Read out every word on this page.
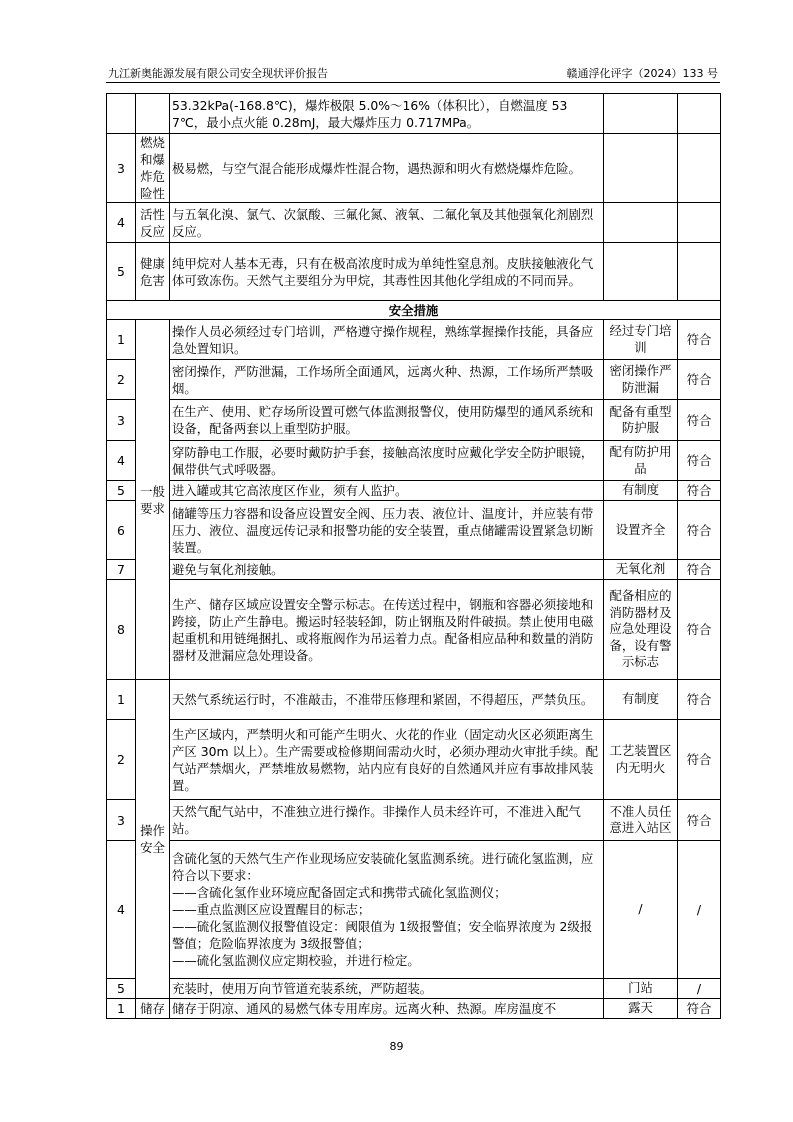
九江新奥能源发展有限公司安全现状评价报告	赣通浮化评字（2024）133 号
		53.32kPa(-168.8℃)，爆炸极限 5.0%～16%（体积比），自燃温度 537℃，最小点火能 0.28mJ，最大爆炸压力 0.717MPa。		
3	燃烧和爆炸危险性	极易燃，与空气混合能形成爆炸性混合物，遇热源和明火有燃烧爆炸危险。		
4	活性反应	与五氧化溴、氯气、次氯酸、三氟化氮、液氧、二氟化氧及其他强氧化剂剧烈反应。		
5	健康危害	纯甲烷对人基本无毒，只有在极高浓度时成为单纯性窒息剂。皮肤接触液化气体可致冻伤。天然气主要组分为甲烷，其毒性因其他化学组成的不同而异。		
安全措施				
1	一般要求	操作人员必须经过专门培训，严格遵守操作规程，熟练掌握操作技能，具备应急处置知识。	经过专门培训	符合
2		密闭操作，严防泄漏，工作场所全面通风，远离火种、热源，工作场所严禁吸烟。	密闭操作严防泄漏	符合
3		在生产、使用、贮存场所设置可燃气体监测报警仪，使用防爆型的通风系统和设备，配备两套以上重型防护服。	配备有重型防护服	符合
4		穿防静电工作服，必要时戴防护手套，接触高浓度时应戴化学安全防护眼镜，佩带供气式呼吸器。	配有防护用品	符合
5		进入罐或其它高浓度区作业，须有人监护。	有制度	符合
6		储罐等压力容器和设备应设置安全阀、压力表、液位计、温度计，并应装有带压力、液位、温度远传记录和报警功能的安全装置，重点储罐需设置紧急切断装置。	设置齐全	符合
7		避免与氧化剂接触。	无氧化剂	符合
8		生产、储存区域应设置安全警示标志。在传送过程中，钢瓶和容器必须接地和跨接，防止产生静电。搬运时轻装轻卸，防止钢瓶及附件破损。禁止使用电磁起重机和用链绳捆扎、或将瓶阀作为吊运着力点。配备相应品种和数量的消防器材及泄漏应急处理设备。	配备相应的消防器材及应急处理设备，设有警示标志	符合
1	操作安全	天然气系统运行时，不准敲击，不准带压修理和紧固，不得超压，严禁负压。	有制度	符合
2		生产区域内，严禁明火和可能产生明火、火花的作业（固定动火区必须距离生产区 30m 以上）。生产需要或检修期间需动火时，必须办理动火审批手续。配气站严禁烟火，严禁堆放易燃物，站内应有良好的自然通风并应有事故排风装置。	工艺装置区内无明火	符合
3		天然气配气站中，不准独立进行操作。非操作人员未经许可，不准进入配气站。	不准人员任意进入站区	符合
4		含硫化氢的天然气生产作业现场应安装硫化氢监测系统。进行硫化氢监测，应符合以下要求：
——含硫化氢作业环境应配备固定式和携带式硫化氢监测仪；
——重点监测区应设置醒目的标志；
——硫化氢监测仪报警值设定：阈限值为 1级报警值；安全临界浓度为 2级报警值；危险临界浓度为 3级报警值；
——硫化氢监测仪应定期校验，并进行检定。	/	/
5		充装时，使用万向节管道充装系统，严防超装。	门站	/
1	储存	储存于阴凉、通风的易燃气体专用库房。远离火种、热源。库房温度不	露天	符合
89
